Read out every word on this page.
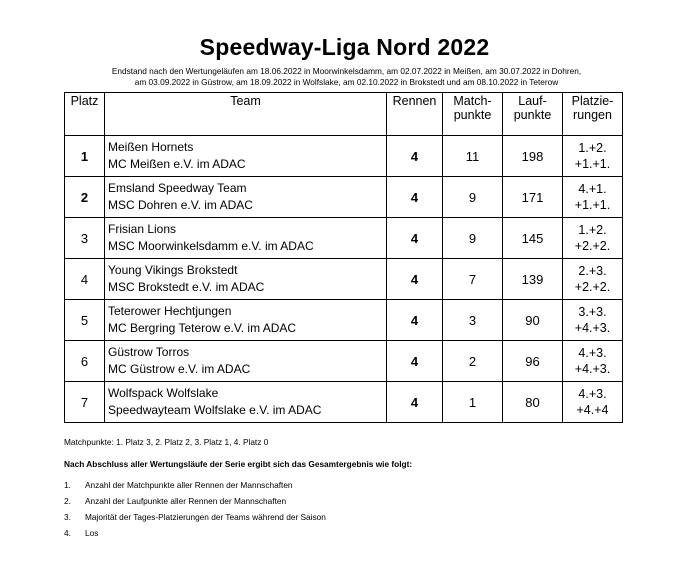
Speedway-Liga Nord 2022
Endstand nach den Wertungeläufen am 18.06.2022 in Moorwinkelsdamm, am 02.07.2022 in Meißen, am 30.07.2022 in Dohren,
am 03.09.2022 in Güstrow, am 18.09.2022 in Wolfslake, am 02.10.2022 in Brokstedt und am 08.10.2022 in Teterow
Platz	Team	Rennen	Match-
punkte	Lauf-
punkte	Platzie-
rungen
1	Meißen Hornets
MC Meißen e.V. im ADAC	4	11	198	1.+2.
+1.+1.
2	Emsland Speedway Team
MSC Dohren e.V. im ADAC	4	9	171	4.+1.
+1.+1.
3	Frisian Lions
MSC Moorwinkelsdamm e.V. im ADAC	4	9	145	1.+2.
+2.+2.
4	Young Vikings Brokstedt
MSC Brokstedt e.V. im ADAC	4	7	139	2.+3.
+2.+2.
5	Teterower Hechtjungen
MC Bergring Teterow e.V. im ADAC	4	3	90	3.+3.
+4.+3.
6	Güstrow Torros
MC Güstrow e.V. im ADAC	4	2	96	4.+3.
+4.+3.
7	Wolfspack Wolfslake
Speedwayteam Wolfslake e.V. im ADAC	4	1	80	4.+3.
+4.+4
Matchpunkte: 1. Platz 3, 2. Platz 2, 3. Platz 1, 4. Platz 0
Nach Abschluss aller Wertungsläufe der Serie ergibt sich das Gesamtergebnis wie folgt:
1.	Anzahl der Matchpunkte aller Rennen der Mannschaften
2.	Anzahl der Laufpunkte aller Rennen der Mannschaften
3.	Majorität der Tages-Platzierungen der Teams während der Saison
4.	Los
